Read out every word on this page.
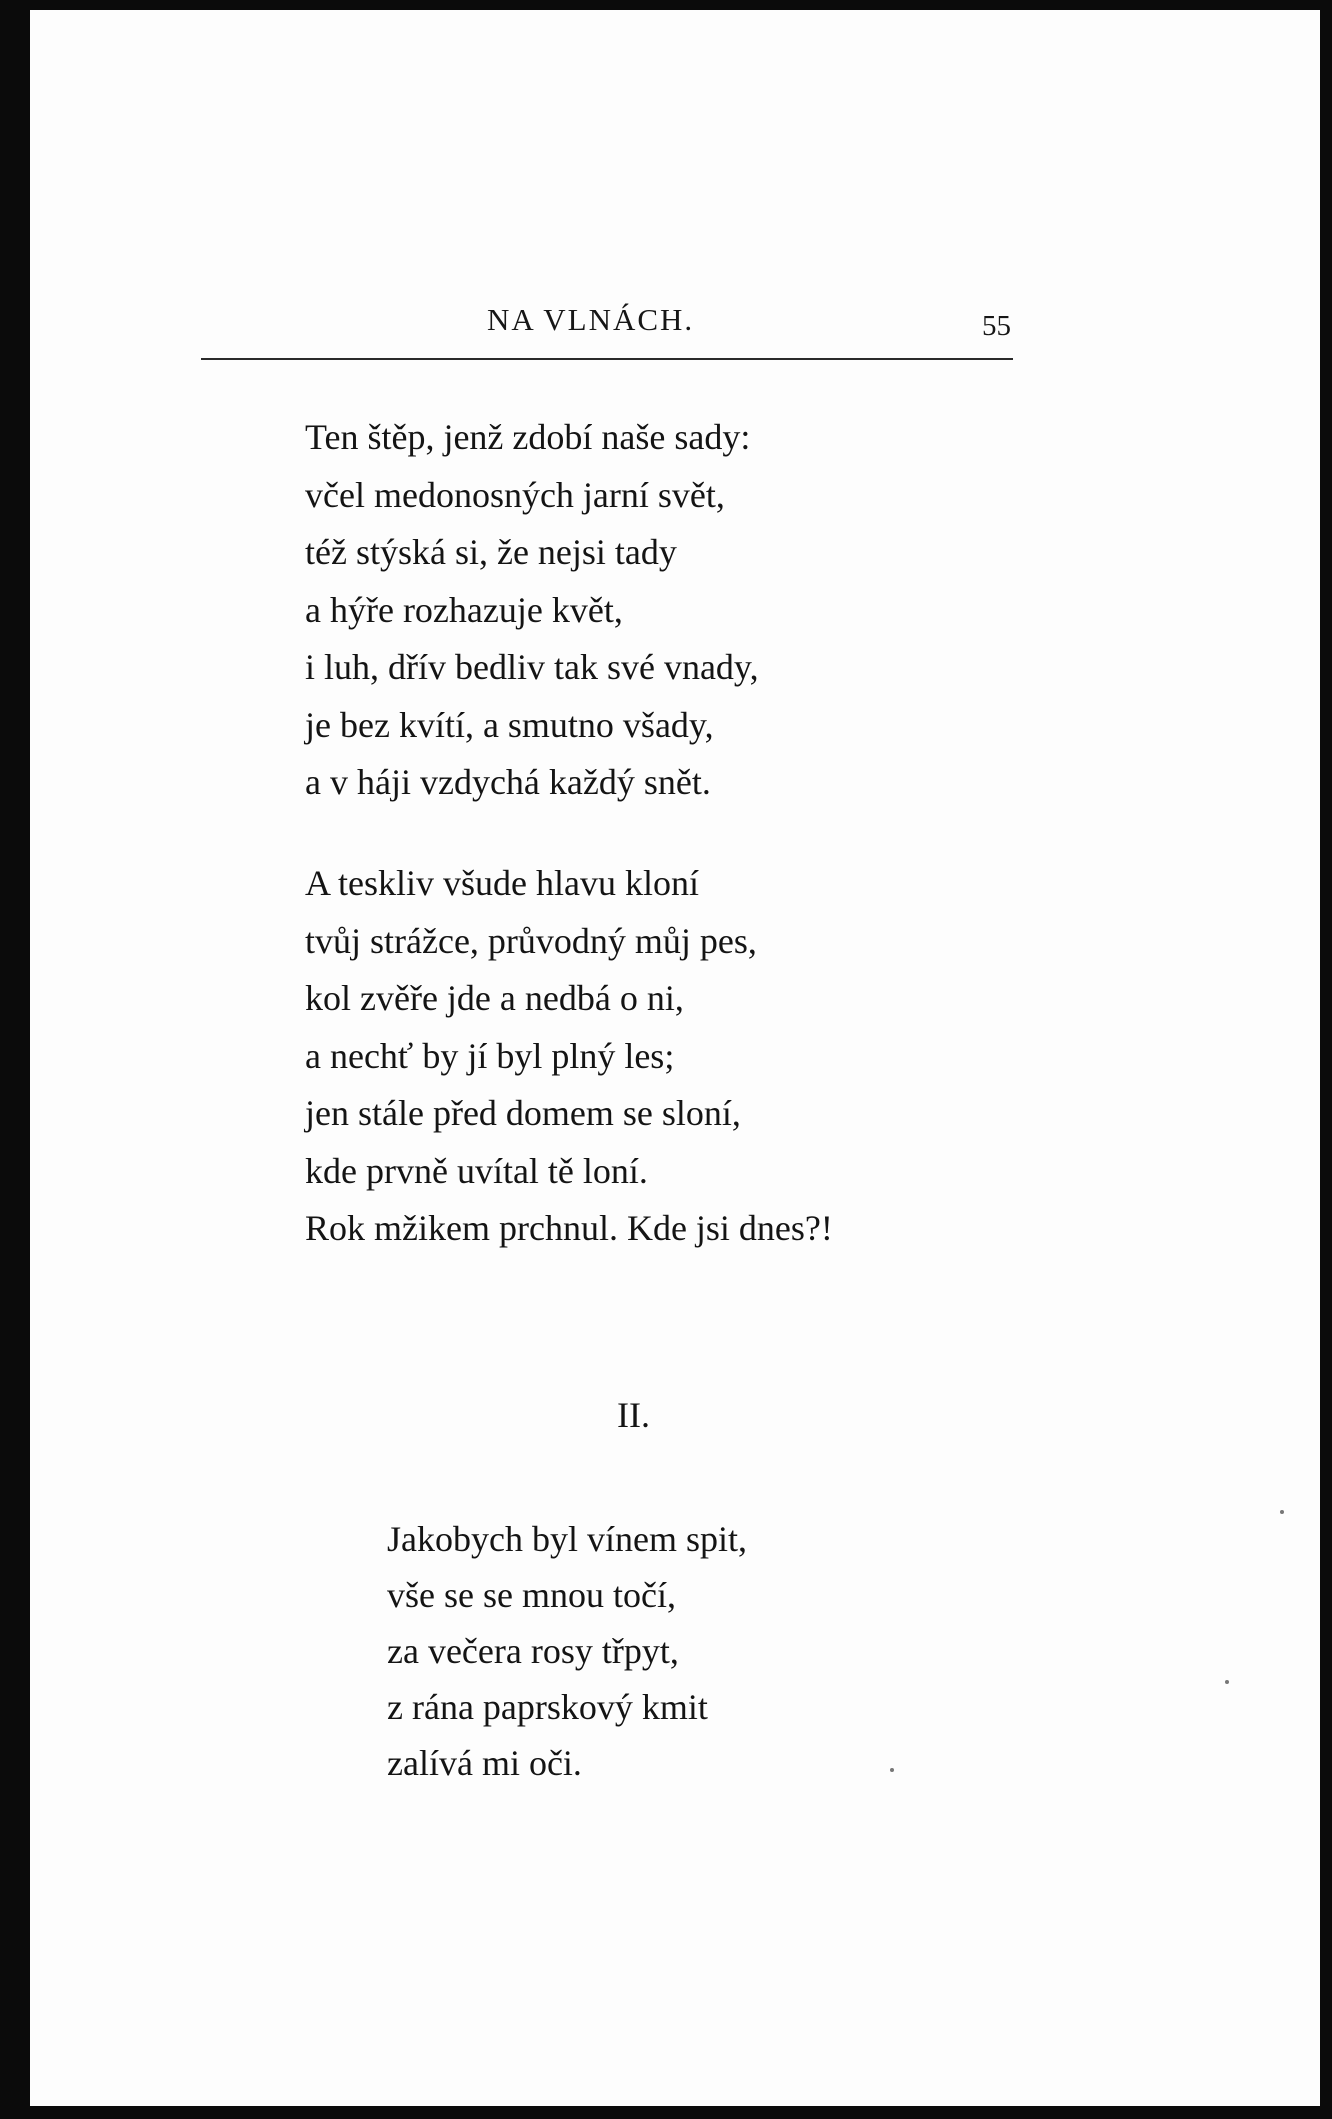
NA VLNÁCH.	55
Ten štěp, jenž zdobí naše sady:
včel medonosných jarní svět,
též stýská si, že nejsi tady
a hýře rozhazuje květ,
i luh, dřív bedliv tak své vnady,
je bez kvítí, a smutno všady,
a v háji vzdychá každý snět.
A teskliv všude hlavu kloní
tvůj strážce, průvodný můj pes,
kol zvěře jde a nedbá o ni,
a nechť by jí byl plný les;
jen stále před domem se sloní,
kde prvně uvítal tě loní.
Rok mžikem prchnul. Kde jsi dnes?!
II.
Jakobych byl vínem spit,
vše se se mnou točí,
za večera rosy třpyt,
z rána paprskový kmit
zalívá mi oči.
